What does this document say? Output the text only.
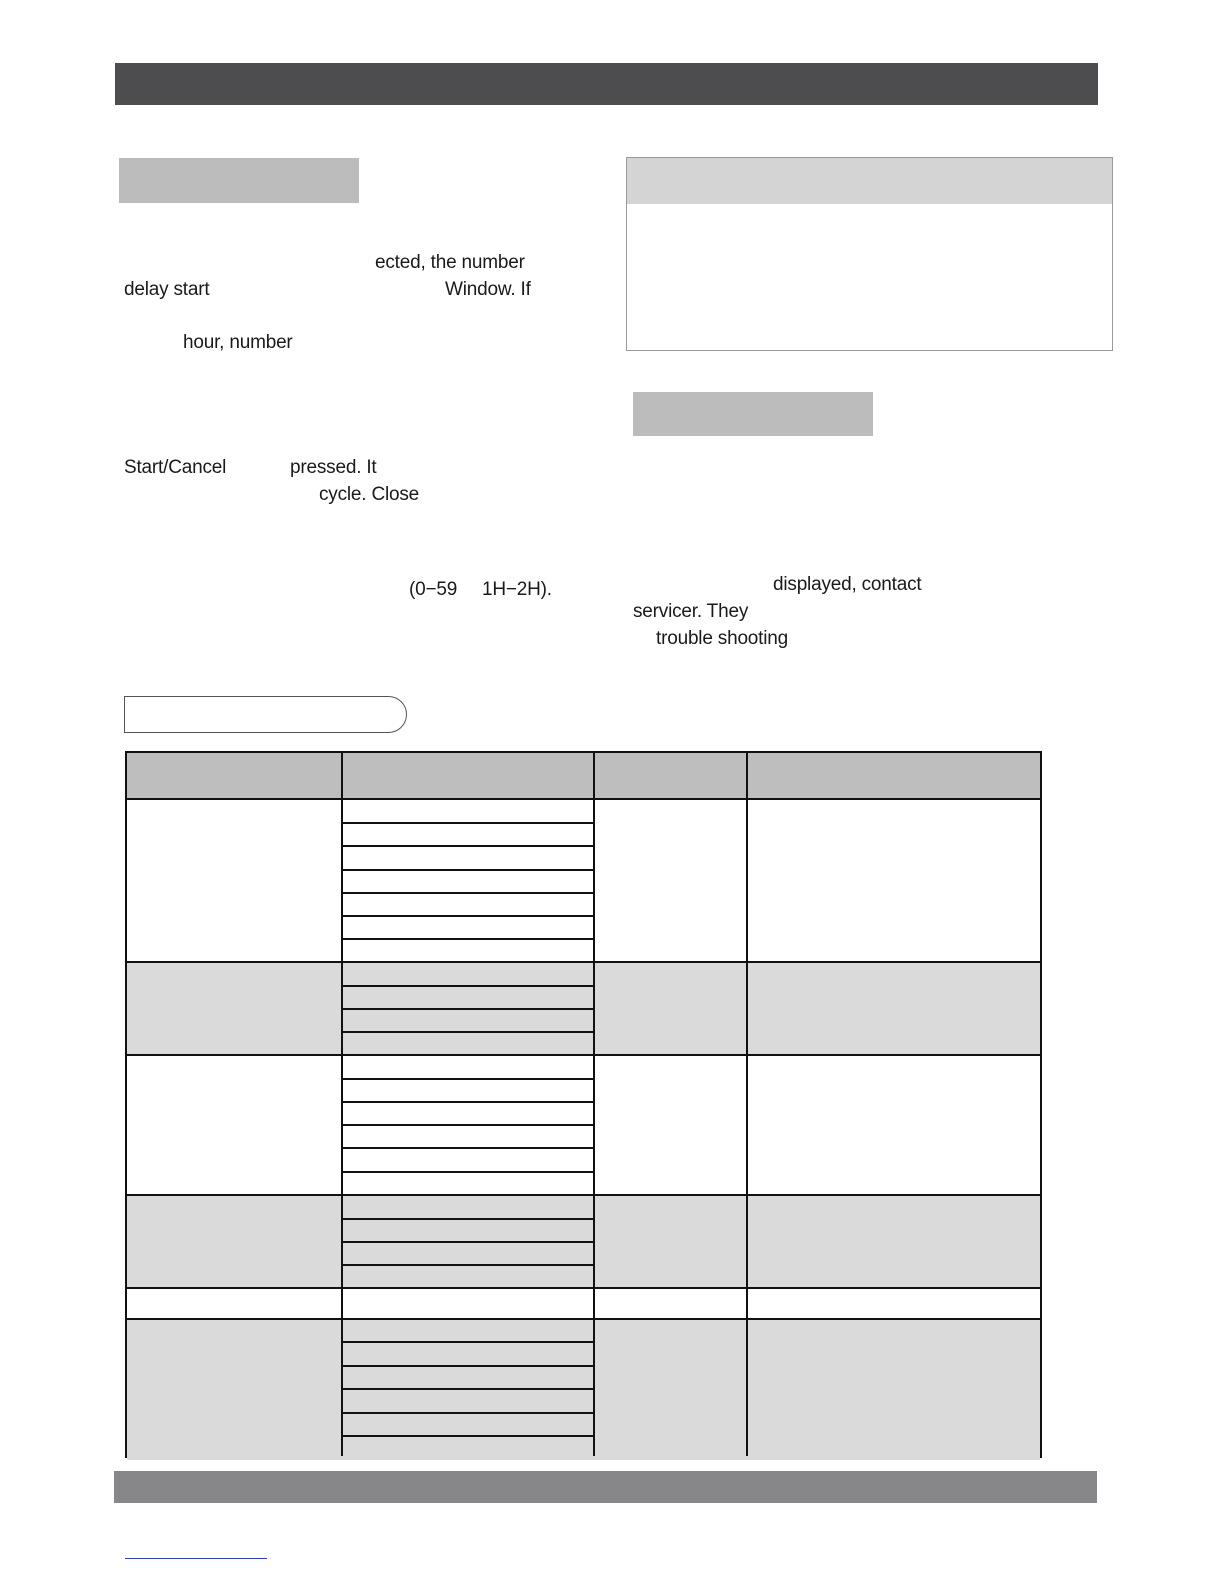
ected, the number
delay start	Window. If
hour, number
Start/Cancel	pressed. It
cycle. Close
(0−59 1H−2H).	displayed, contact
servicer. They
trouble shooting
